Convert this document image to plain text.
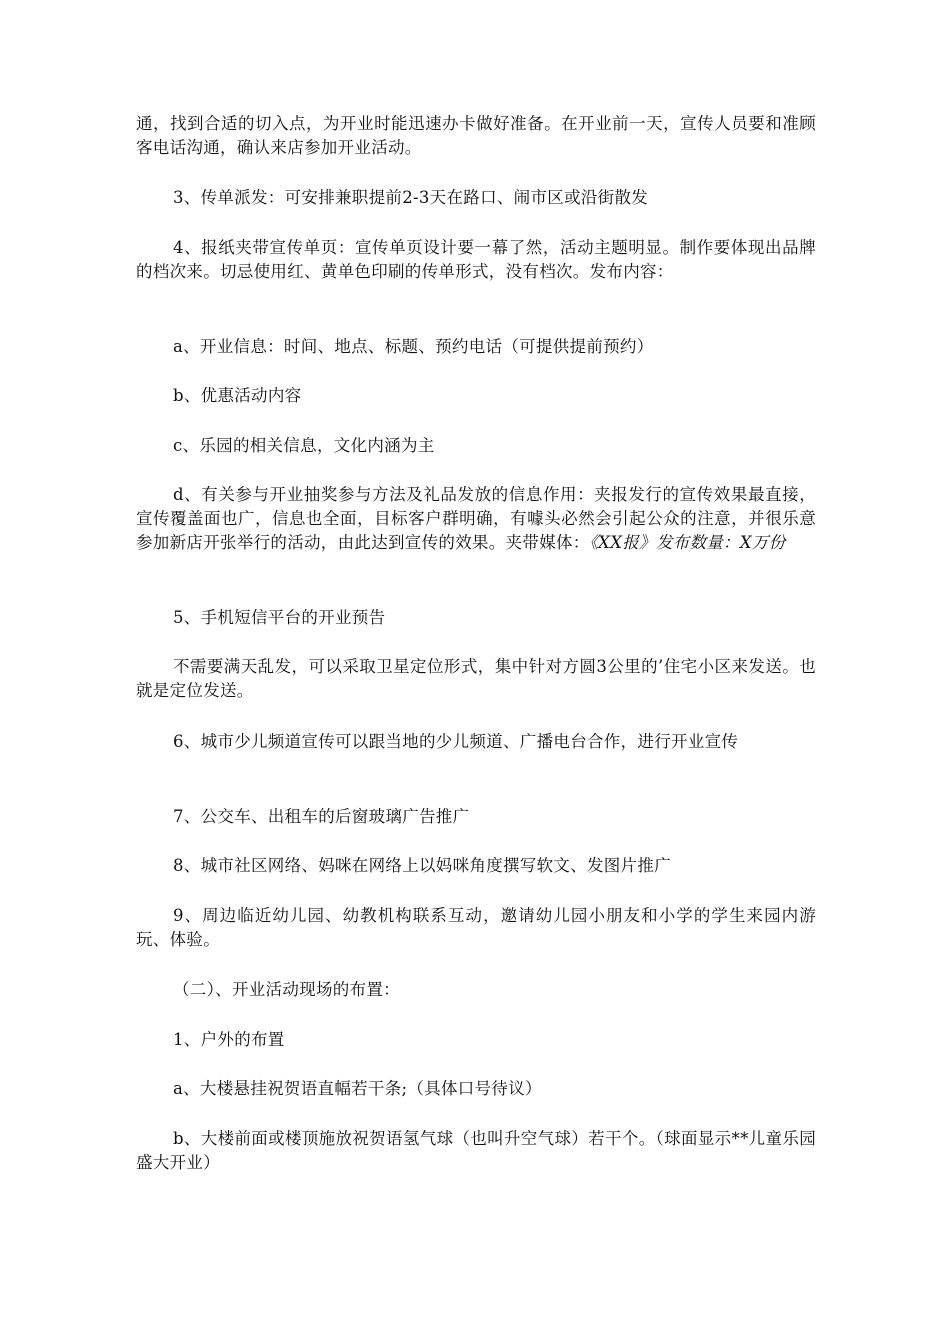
通，找到合适的切入点，为开业时能迅速办卡做好准备。在开业前一天，宣传人员要和准顾客电话沟通，确认来店参加开业活动。

3、传单派发：可安排兼职提前2-3天在路口、闹市区或沿街散发

4、报纸夹带宣传单页：宣传单页设计要一幕了然，活动主题明显。制作要体现出品牌的档次来。切忌使用红、黄单色印刷的传单形式，没有档次。发布内容：

a、开业信息：时间、地点、标题、预约电话（可提供提前预约）

b、优惠活动内容

c、乐园的相关信息，文化内涵为主

d、有关参与开业抽奖参与方法及礼品发放的信息作用：夹报发行的宣传效果最直接，宣传覆盖面也广，信息也全面，目标客户群明确，有噱头必然会引起公众的注意，并很乐意参加新店开张举行的活动，由此达到宣传的效果。夹带媒体：《XX报》发布数量：X万份

5、手机短信平台的开业预告

不需要满天乱发，可以采取卫星定位形式，集中针对方圆3公里的’住宅小区来发送。也就是定位发送。

6、城市少儿频道宣传可以跟当地的少儿频道、广播电台合作，进行开业宣传

7、公交车、出租车的后窗玻璃广告推广

8、城市社区网络、妈咪在网络上以妈咪角度撰写软文、发图片推广

9、周边临近幼儿园、幼教机构联系互动，邀请幼儿园小朋友和小学的学生来园内游玩、体验。

（二）、开业活动现场的布置：

1、户外的布置

a、大楼悬挂祝贺语直幅若干条;（具体口号待议）

b、大楼前面或楼顶施放祝贺语氢气球（也叫升空气球）若干个。（球面显示**儿童乐园盛大开业）
